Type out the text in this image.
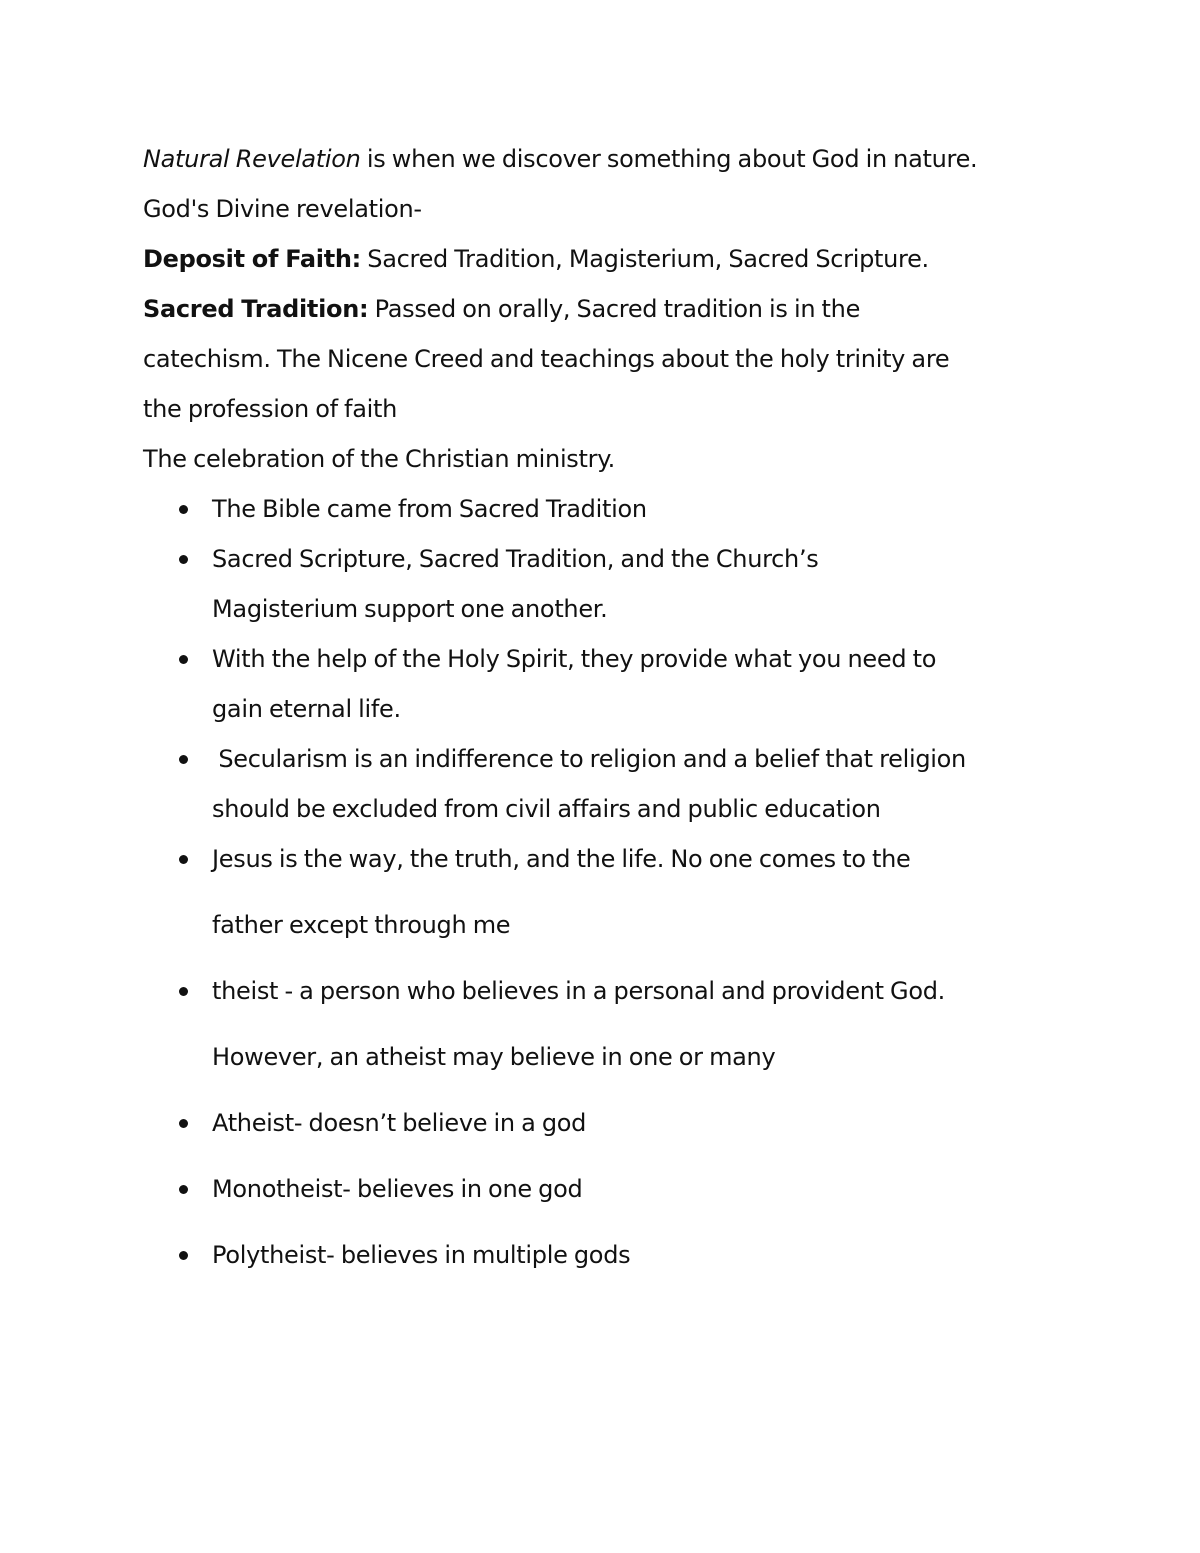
Natural Revelation is when we discover something about God in nature.
God's Divine revelation-
Deposit of Faith: Sacred Tradition, Magisterium, Sacred Scripture.
Sacred Tradition: Passed on orally, Sacred tradition is in the
catechism. The Nicene Creed and teachings about the holy trinity are
the profession of faith
The celebration of the Christian ministry.
The Bible came from Sacred Tradition
Sacred Scripture, Sacred Tradition, and the Church’s
Magisterium support one another.
With the help of the Holy Spirit, they provide what you need to
gain eternal life.
Secularism is an indifference to religion and a belief that religion
should be excluded from civil affairs and public education
Jesus is the way, the truth, and the life. No one comes to the
father except through me
theist - a person who believes in a personal and provident God.
However, an atheist may believe in one or many
Atheist- doesn’t believe in a god
Monotheist- believes in one god
Polytheist- believes in multiple gods
